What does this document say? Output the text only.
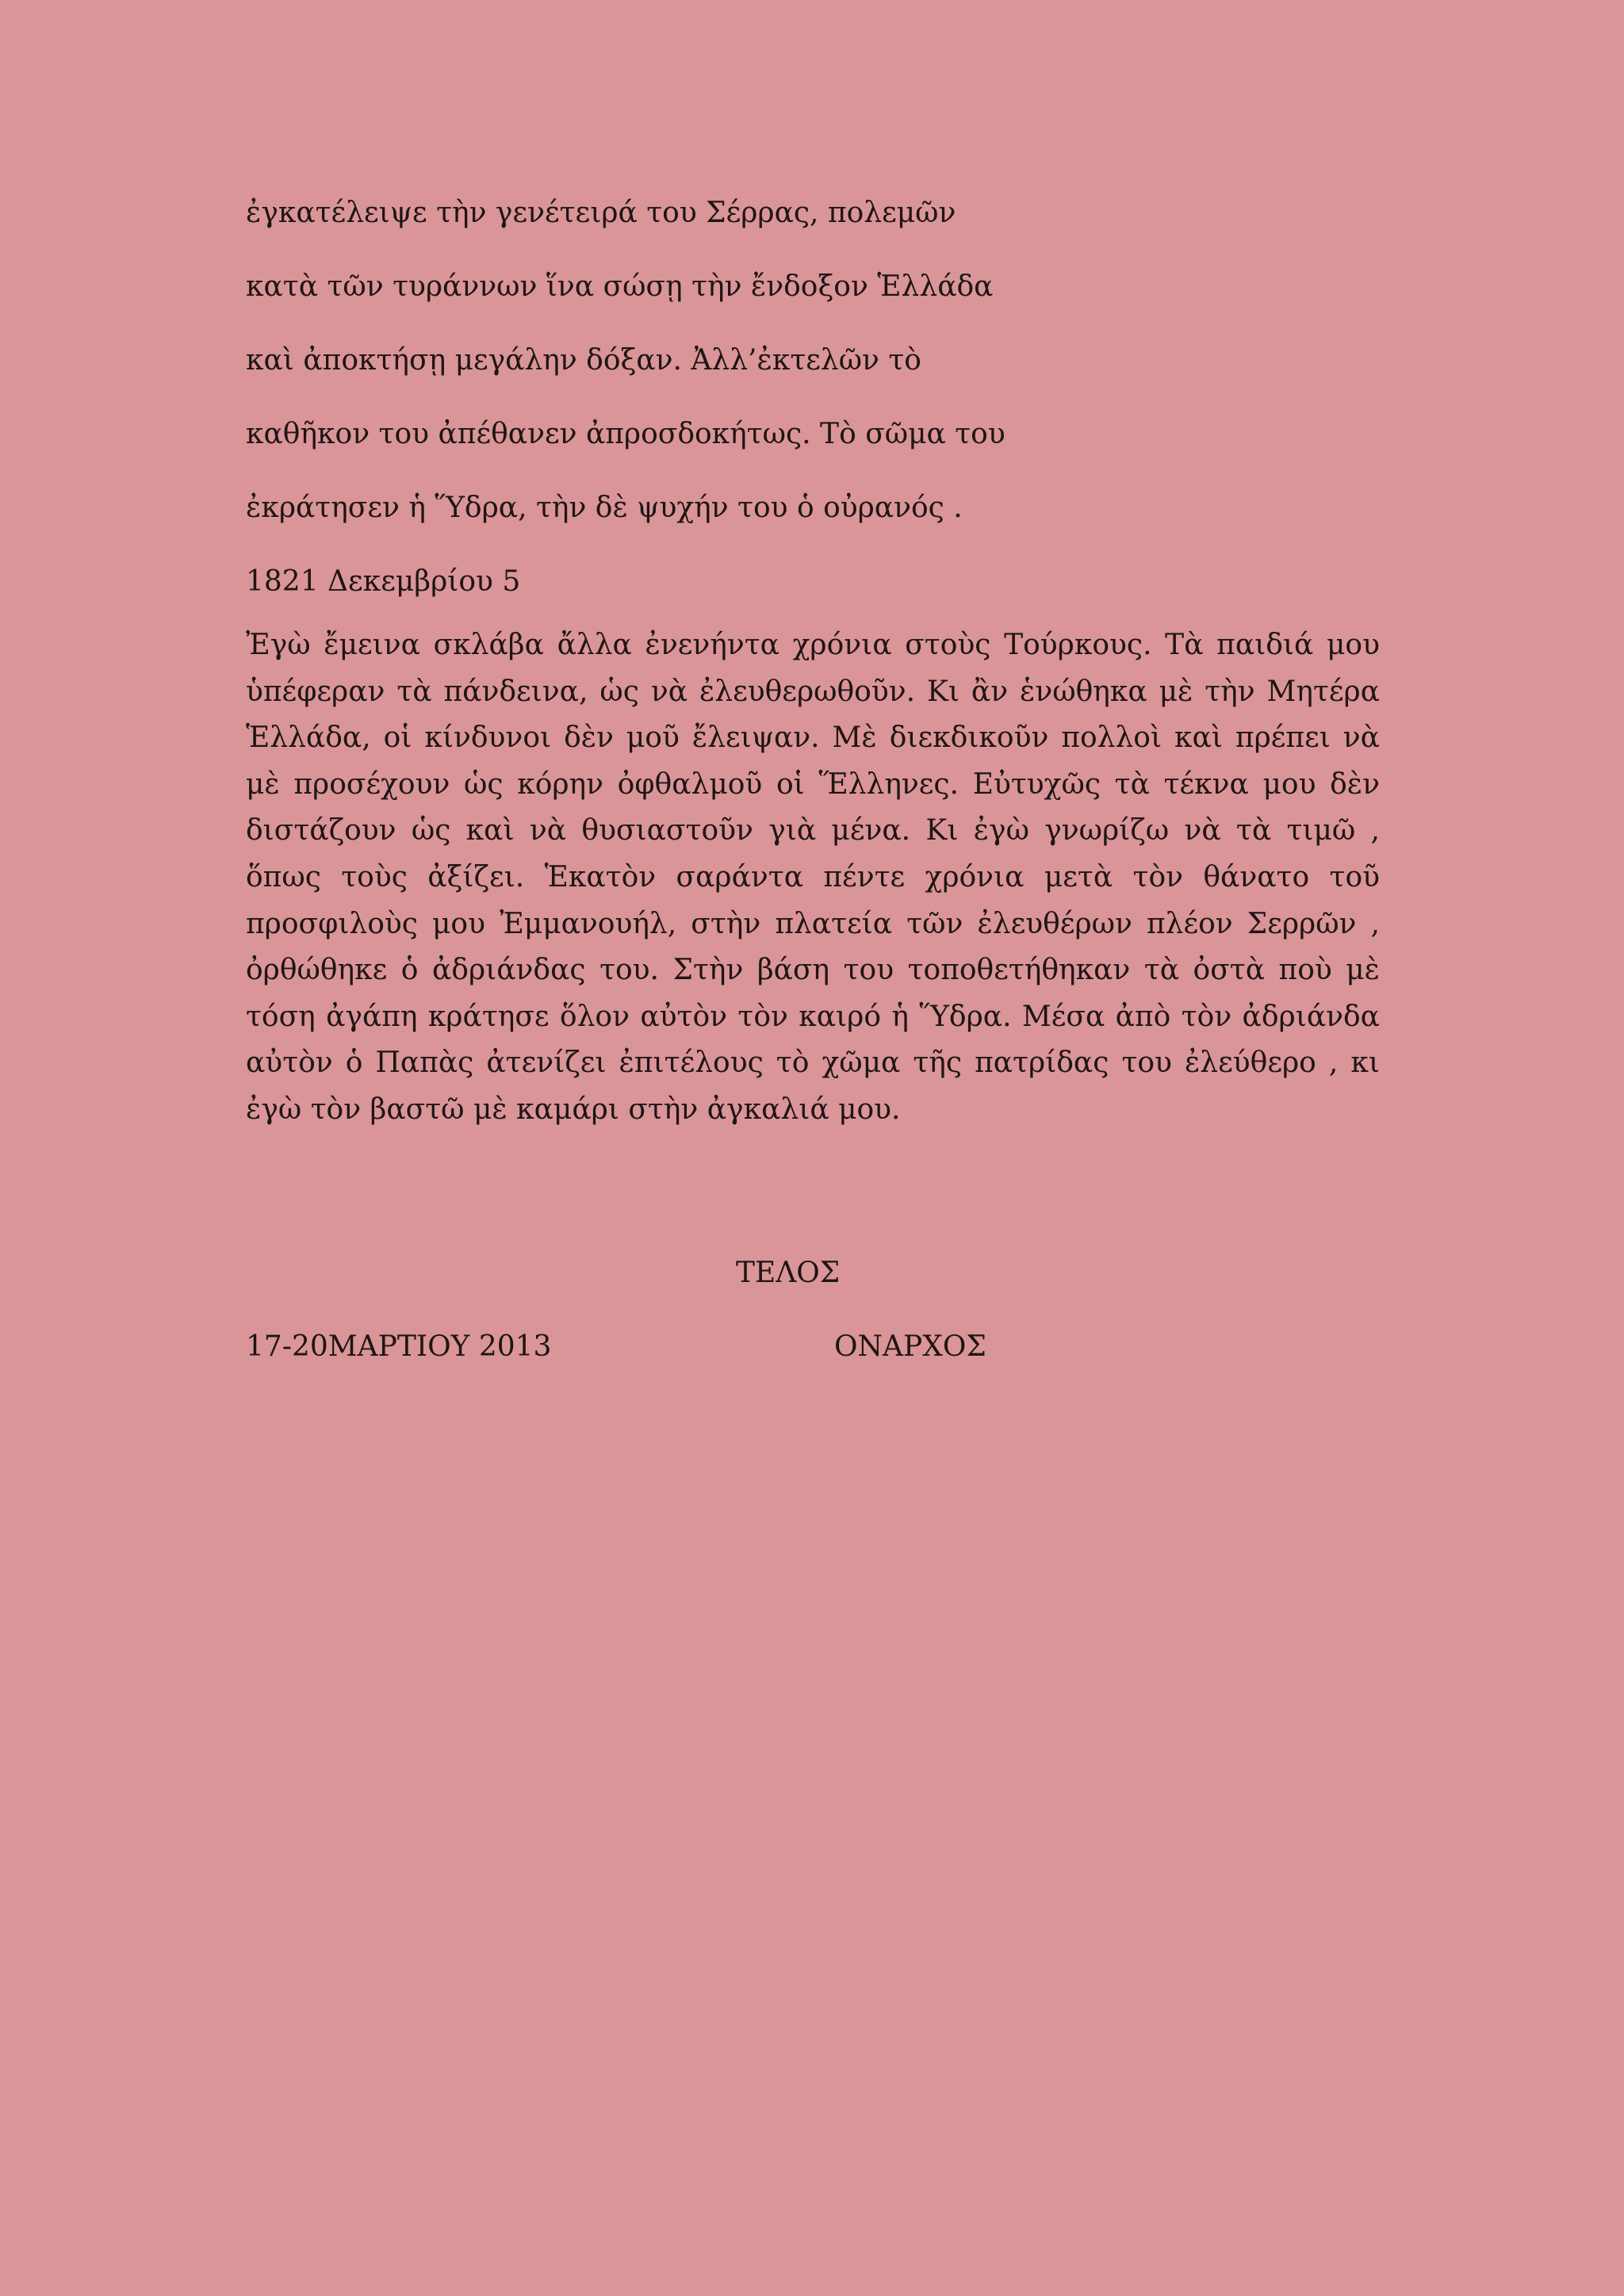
ἐγκατέλειψε τὴν γενέτειρά του Σέρρας, πολεμῶν
κατὰ τῶν τυράννων ἵνα σώσῃ τὴν ἔνδοξον Ἑλλάδα
καὶ ἀποκτήσῃ μεγάλην δόξαν. Ἀλλ’ἐκτελῶν τὸ
καθῆκον του ἀπέθανεν ἀπροσδοκήτως. Τὸ σῶμα του
ἐκράτησεν ἡ Ὕδρα, τὴν δὲ ψυχήν του ὁ οὐρανός .
1821 Δεκεμβρίου 5

Ἐγὼ ἔμεινα σκλάβα ἄλλα ἐνενήντα χρόνια στοὺς Τούρκους. Τὰ παιδιά μου ὑπέφεραν τὰ πάνδεινα, ὡς νὰ ἐλευθερωθοῦν. Κι ἂν ἑνώθηκα μὲ τὴν Μητέρα Ἑλλάδα, οἱ κίνδυνοι δὲν μοῦ ἔλειψαν. Μὲ διεκδικοῦν πολλοὶ καὶ πρέπει νὰ μὲ προσέχουν ὡς κόρην ὀφθαλμοῦ οἱ Ἕλληνες. Εὐτυχῶς τὰ τέκνα μου δὲν διστάζουν ὡς καὶ νὰ θυσιαστοῦν γιὰ μένα. Κι ἐγὼ γνωρίζω νὰ τὰ τιμῶ , ὅπως τοὺς ἀξίζει. Ἑκατὸν σαράντα πέντε χρόνια μετὰ τὸν θάνατο τοῦ προσφιλοὺς μου Ἐμμανουήλ, στὴν πλατεία τῶν ἐλευθέρων πλέον Σερρῶν , ὀρθώθηκε ὁ ἀδριάνδας του. Στὴν βάση του τοποθετήθηκαν τὰ ὀστὰ ποὺ μὲ τόση ἀγάπη κράτησε ὅλον αὐτὸν τὸν καιρό ἡ Ὕδρα. Μέσα ἀπὸ τὸν ἀδριάνδα αὐτὸν ὁ Παπὰς ἀτενίζει ἐπιτέλους τὸ χῶμα τῆς πατρίδας του ἐλεύθερο , κι ἐγὼ τὸν βαστῶ μὲ καμάρι στὴν ἀγκαλιά μου.

ΤΕΛΟΣ
17-20ΜΑΡΤΙΟΥ 2013	ΟΝΑΡΧΟΣ
